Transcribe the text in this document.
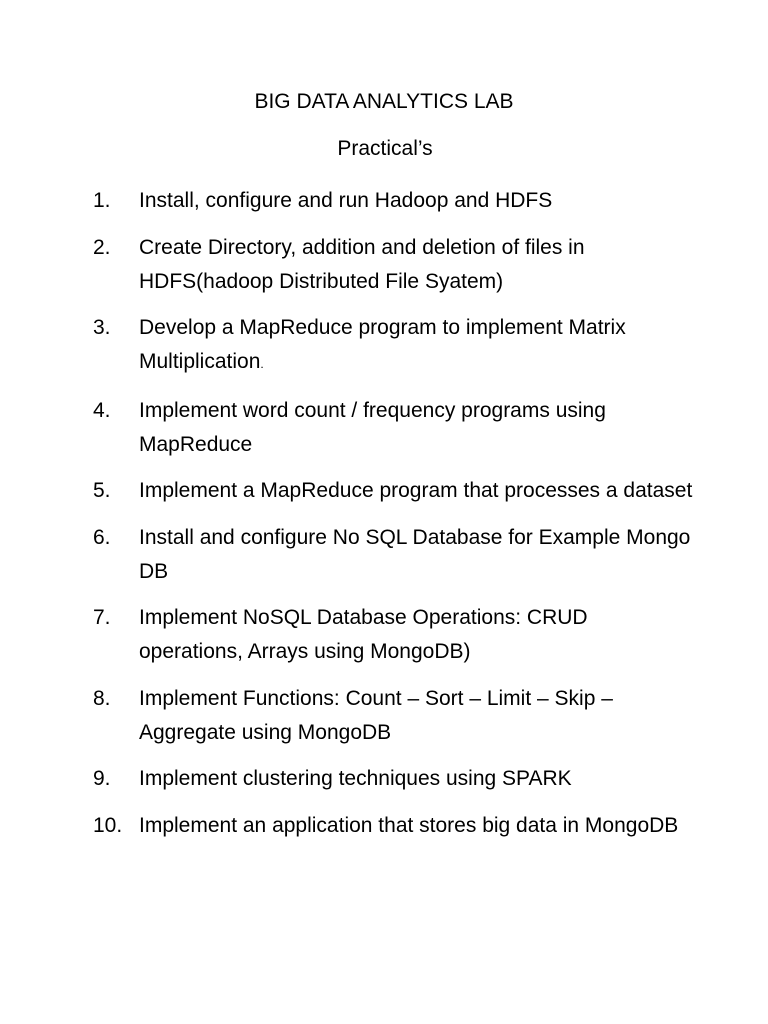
BIG DATA ANALYTICS LAB
Practical’s
1.	Install, configure and run Hadoop and HDFS
2.	Create Directory, addition and deletion of files in HDFS(hadoop Distributed File Syatem)
3.	Develop a MapReduce program to implement Matrix Multiplication.
4.	Implement word count / frequency programs using MapReduce
5.	Implement a MapReduce program that processes a dataset
6.	Install and configure No SQL Database for Example Mongo DB
7.	Implement NoSQL Database Operations: CRUD operations, Arrays using MongoDB)
8.	Implement Functions: Count – Sort – Limit – Skip – Aggregate using MongoDB
9.	Implement clustering techniques using SPARK
10. Implement an application that stores big data in MongoDB
